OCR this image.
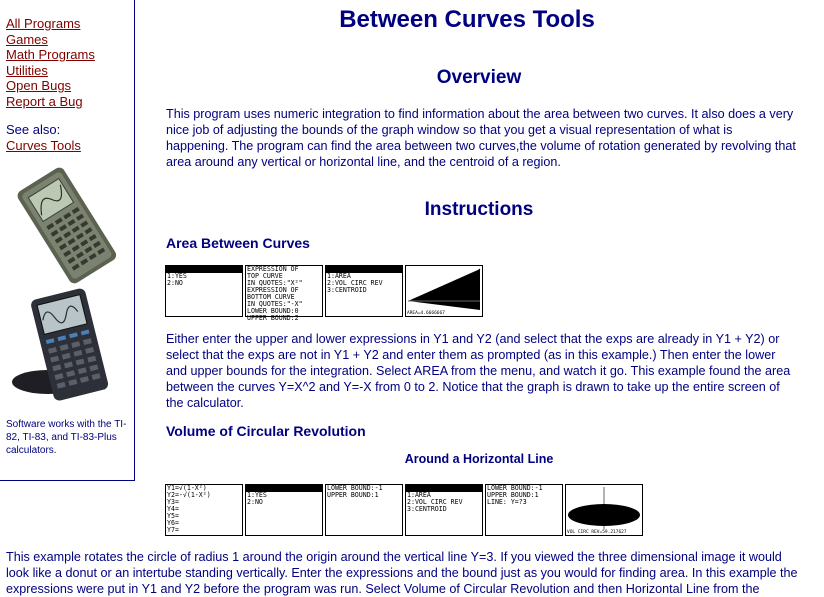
All Programs
Games
Math Programs
Utilities
Open Bugs
Report a Bug
See also:
Curves Tools
Software works with the TI-82, TI-83, and TI-83-Plus calculators.
Between Curves Tools
Overview
This program uses numeric integration to find information about the area between two curves. It also does a very nice job of adjusting the bounds of the graph window so that you get a visual representation of what is happening. The program can find the area between two curves,the volume of rotation generated by revolving that area around any vertical or horizontal line, and the centroid of a region.
Instructions
Area Between Curves
EXPS IN Y1+Y2?
1:YES
2:NO
EXPRESSION OF
TOP CURVE
IN QUOTES:"X²"
EXPRESSION OF
BOTTOM CURVE
IN QUOTES:"-X"
LOWER BOUND:0
UPPER BOUND:2
DO YOU WANT...
1:AREA
2:VOL CIRC REV
3:CENTROID
AREA=4.6666667
Either enter the upper and lower expressions in Y1 and Y2 (and select that the exps are already in Y1 + Y2) or select that the exps are not in Y1 + Y2 and enter them as prompted (as in this example.) Then enter the lower and upper bounds for the integration. Select AREA from the menu, and watch it go. This example found the area between the curves Y=X^2 and Y=-X from 0 to 2. Notice that the graph is drawn to take up the entire screen of the calculator.
Volume of Circular Revolution
Around a Horizontal Line
Y1=√(1-X²)
Y2=-√(1-X²)
Y3=
Y4=
Y5=
Y6=
Y7=
EXPS IN Y1+Y2?
1:YES
2:NO
LOWER BOUND:-1
UPPER BOUND:1
DO YOU WANT...
1:AREA
2:VOL CIRC REV
3:CENTROID
LOWER BOUND:-1
UPPER BOUND:1
LINE: Y=?3
VOL CIRC REV=59.217627
This example rotates the circle of radius 1 around the origin around the vertical line Y=3. If you viewed the three dimensional image it would look like a donut or an intertube standing vertically. Enter the expressions and the bound just as you would for finding area. In this example the expressions were put in Y1 and Y2 before the program was run. Select Volume of Circular Revolution and then Horizontal Line from the
